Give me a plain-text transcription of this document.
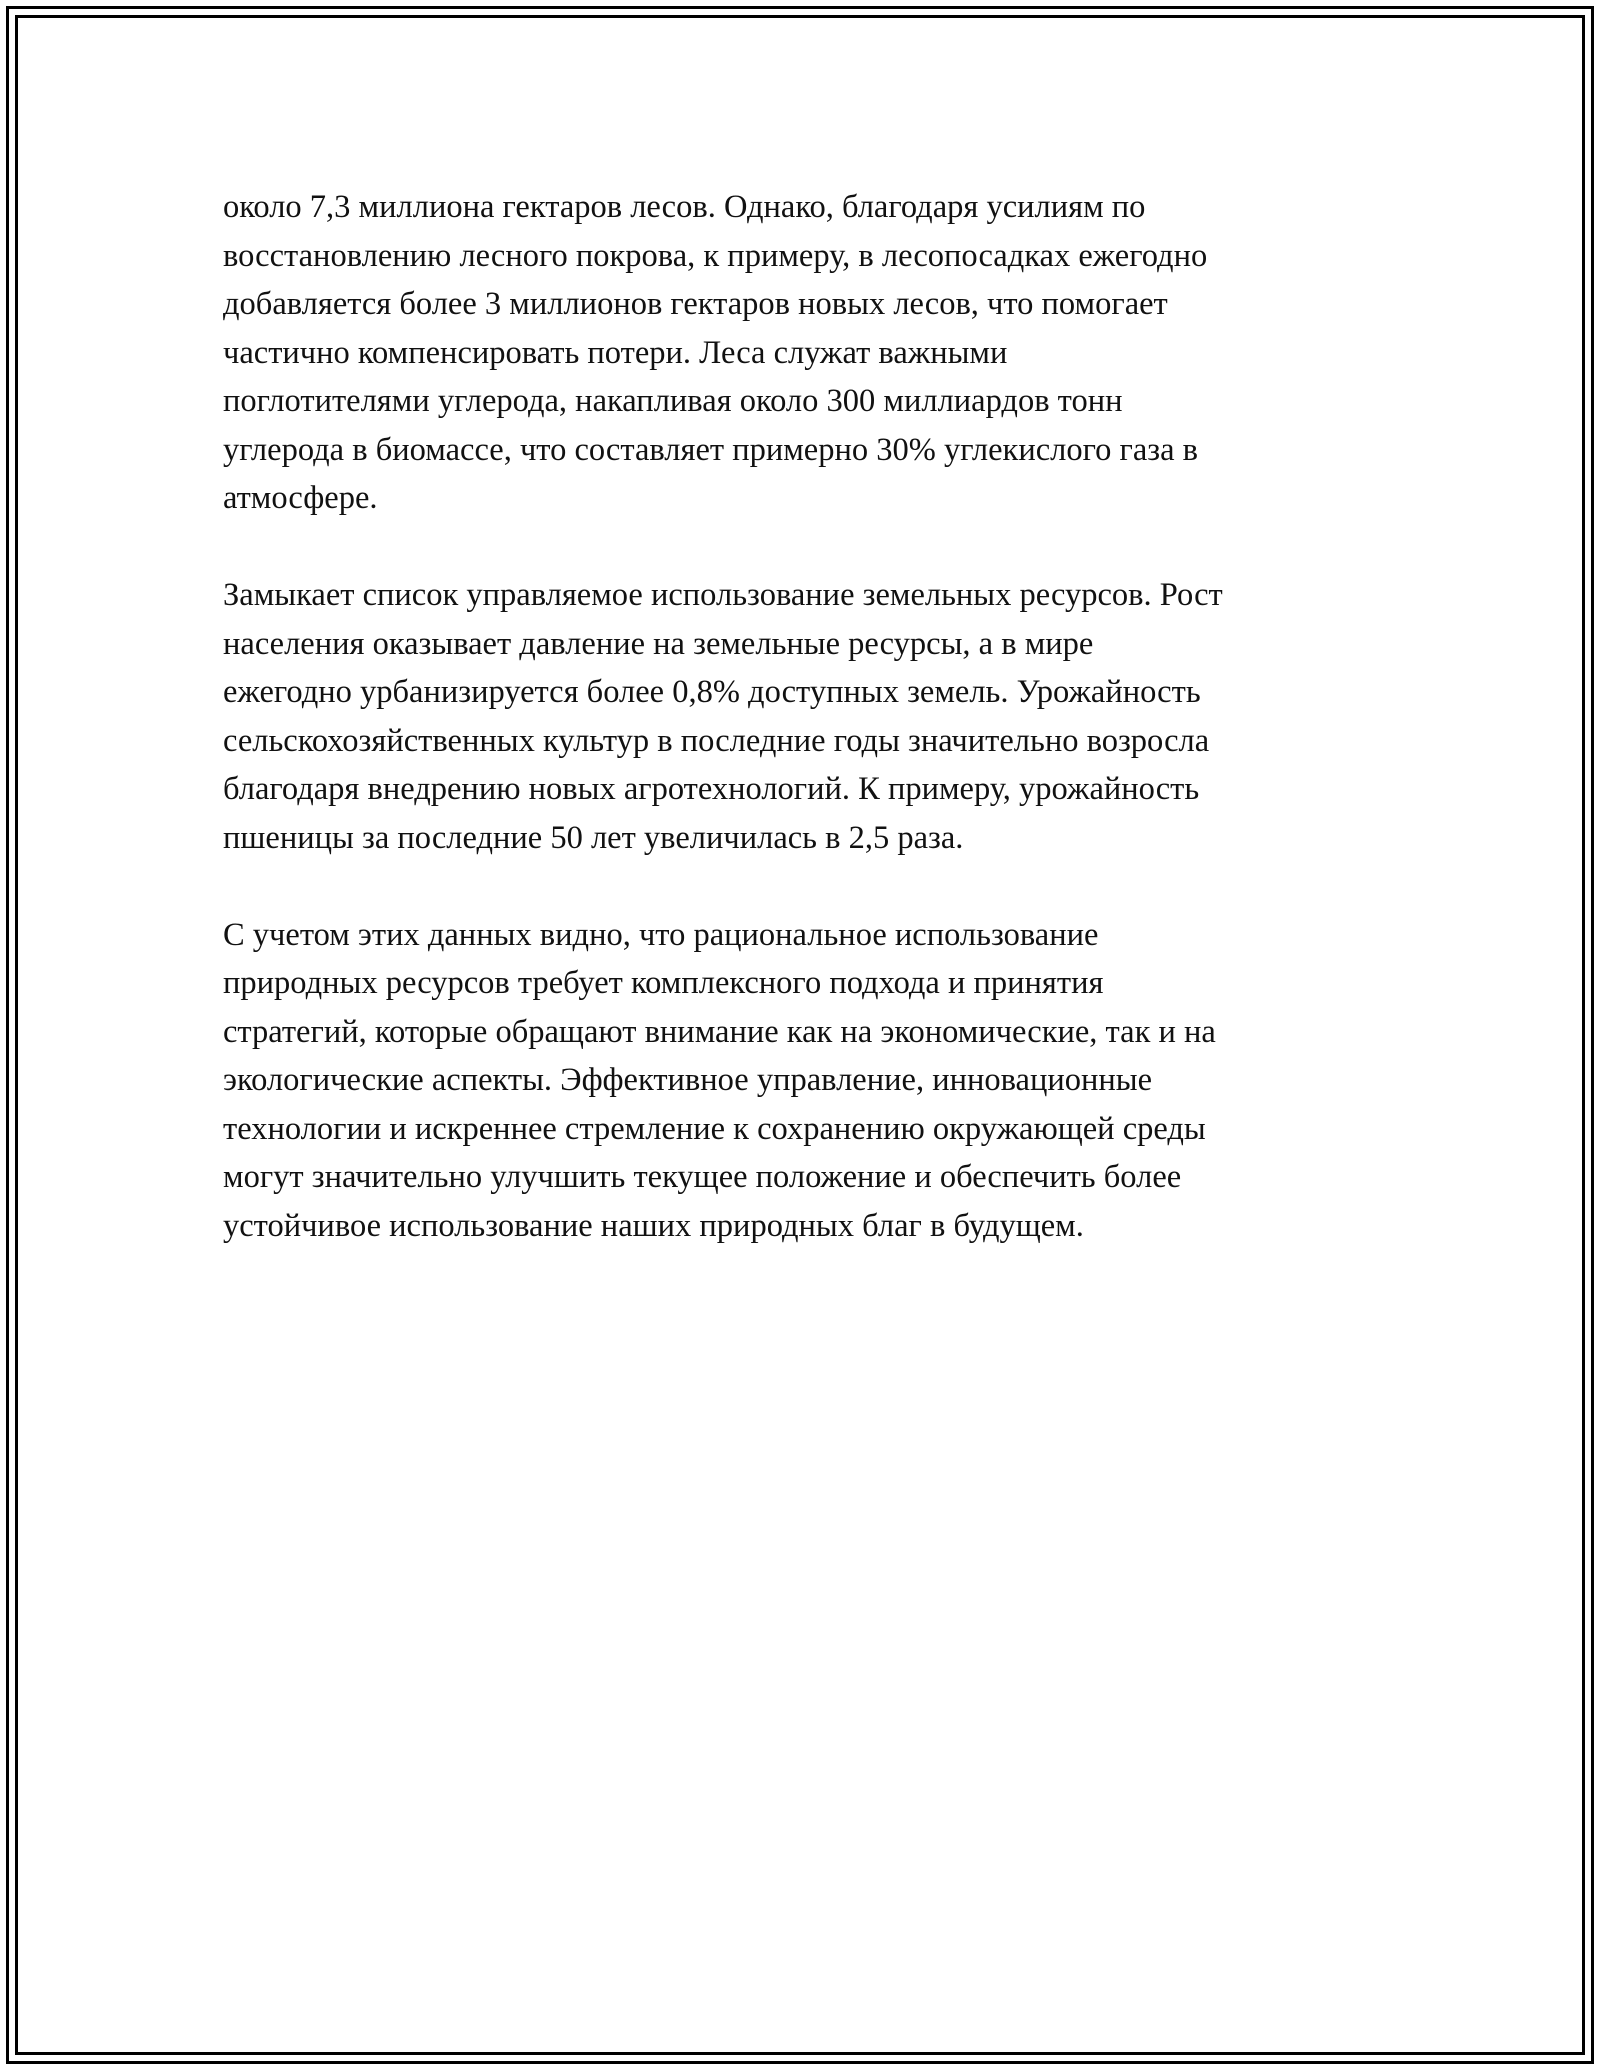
около 7,3 миллиона гектаров лесов. Однако, благодаря усилиям по
восстановлению лесного покрова, к примеру, в лесопосадках ежегодно
добавляется более 3 миллионов гектаров новых лесов, что помогает
частично компенсировать потери. Леса служат важными
поглотителями углерода, накапливая около 300 миллиардов тонн
углерода в биомассе, что составляет примерно 30% углекислого газа в
атмосфере.

Замыкает список управляемое использование земельных ресурсов. Рост
населения оказывает давление на земельные ресурсы, а в мире
ежегодно урбанизируется более 0,8% доступных земель. Урожайность
сельскохозяйственных культур в последние годы значительно возросла
благодаря внедрению новых агротехнологий. К примеру, урожайность
пшеницы за последние 50 лет увеличилась в 2,5 раза.

С учетом этих данных видно, что рациональное использование
природных ресурсов требует комплексного подхода и принятия
стратегий, которые обращают внимание как на экономические, так и на
экологические аспекты. Эффективное управление, инновационные
технологии и искреннее стремление к сохранению окружающей среды
могут значительно улучшить текущее положение и обеспечить более
устойчивое использование наших природных благ в будущем.
